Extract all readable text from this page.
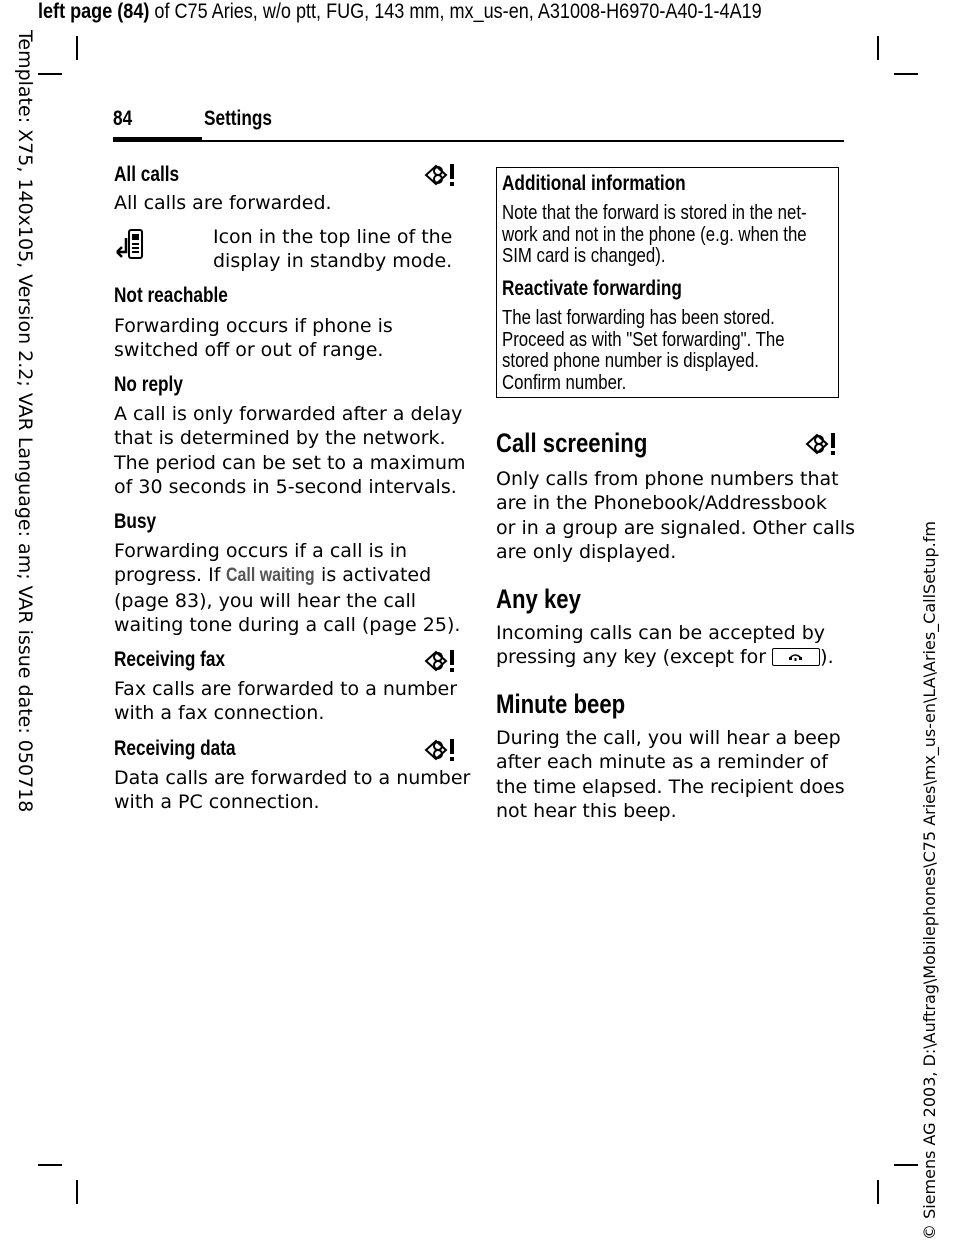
left page (84) of C75 Aries, w/o ptt, FUG, 143 mm, mx_us-en, A31008-H6970-A40-1-4A19
Template: X75, 140x105, Version 2.2; VAR Language: am; VAR issue date: 050718
© Siemens AG 2003, D:\Auftrag\Mobilephones\C75 Aries\mx_us-en\LA\Aries_CallSetup.fm
84	Settings
All calls
All calls are forwarded.
Icon in the top line of the
display in standby mode.
Not reachable
Forwarding occurs if phone is
switched off or out of range.
No reply
A call is only forwarded after a delay
that is determined by the network.
The period can be set to a maximum
of 30 seconds in 5-second intervals.
Busy
Forwarding occurs if a call is in
progress. If Call waiting is activated
(page 83), you will hear the call
waiting tone during a call (page 25).
Receiving fax
Fax calls are forwarded to a number
with a fax connection.
Receiving data
Data calls are forwarded to a number
with a PC connection.
Additional information
Note that the forward is stored in the net-
work and not in the phone (e.g. when the
SIM card is changed).
Reactivate forwarding
The last forwarding has been stored.
Proceed as with "Set forwarding". The
stored phone number is displayed.
Confirm number.
Call screening
Only calls from phone numbers that
are in the Phonebook/Addressbook
or in a group are signaled. Other calls
are only displayed.
Any key
Incoming calls can be accepted by
pressing any key (except for	).
Minute beep
During the call, you will hear a beep
after each minute as a reminder of
the time elapsed. The recipient does
not hear this beep.
